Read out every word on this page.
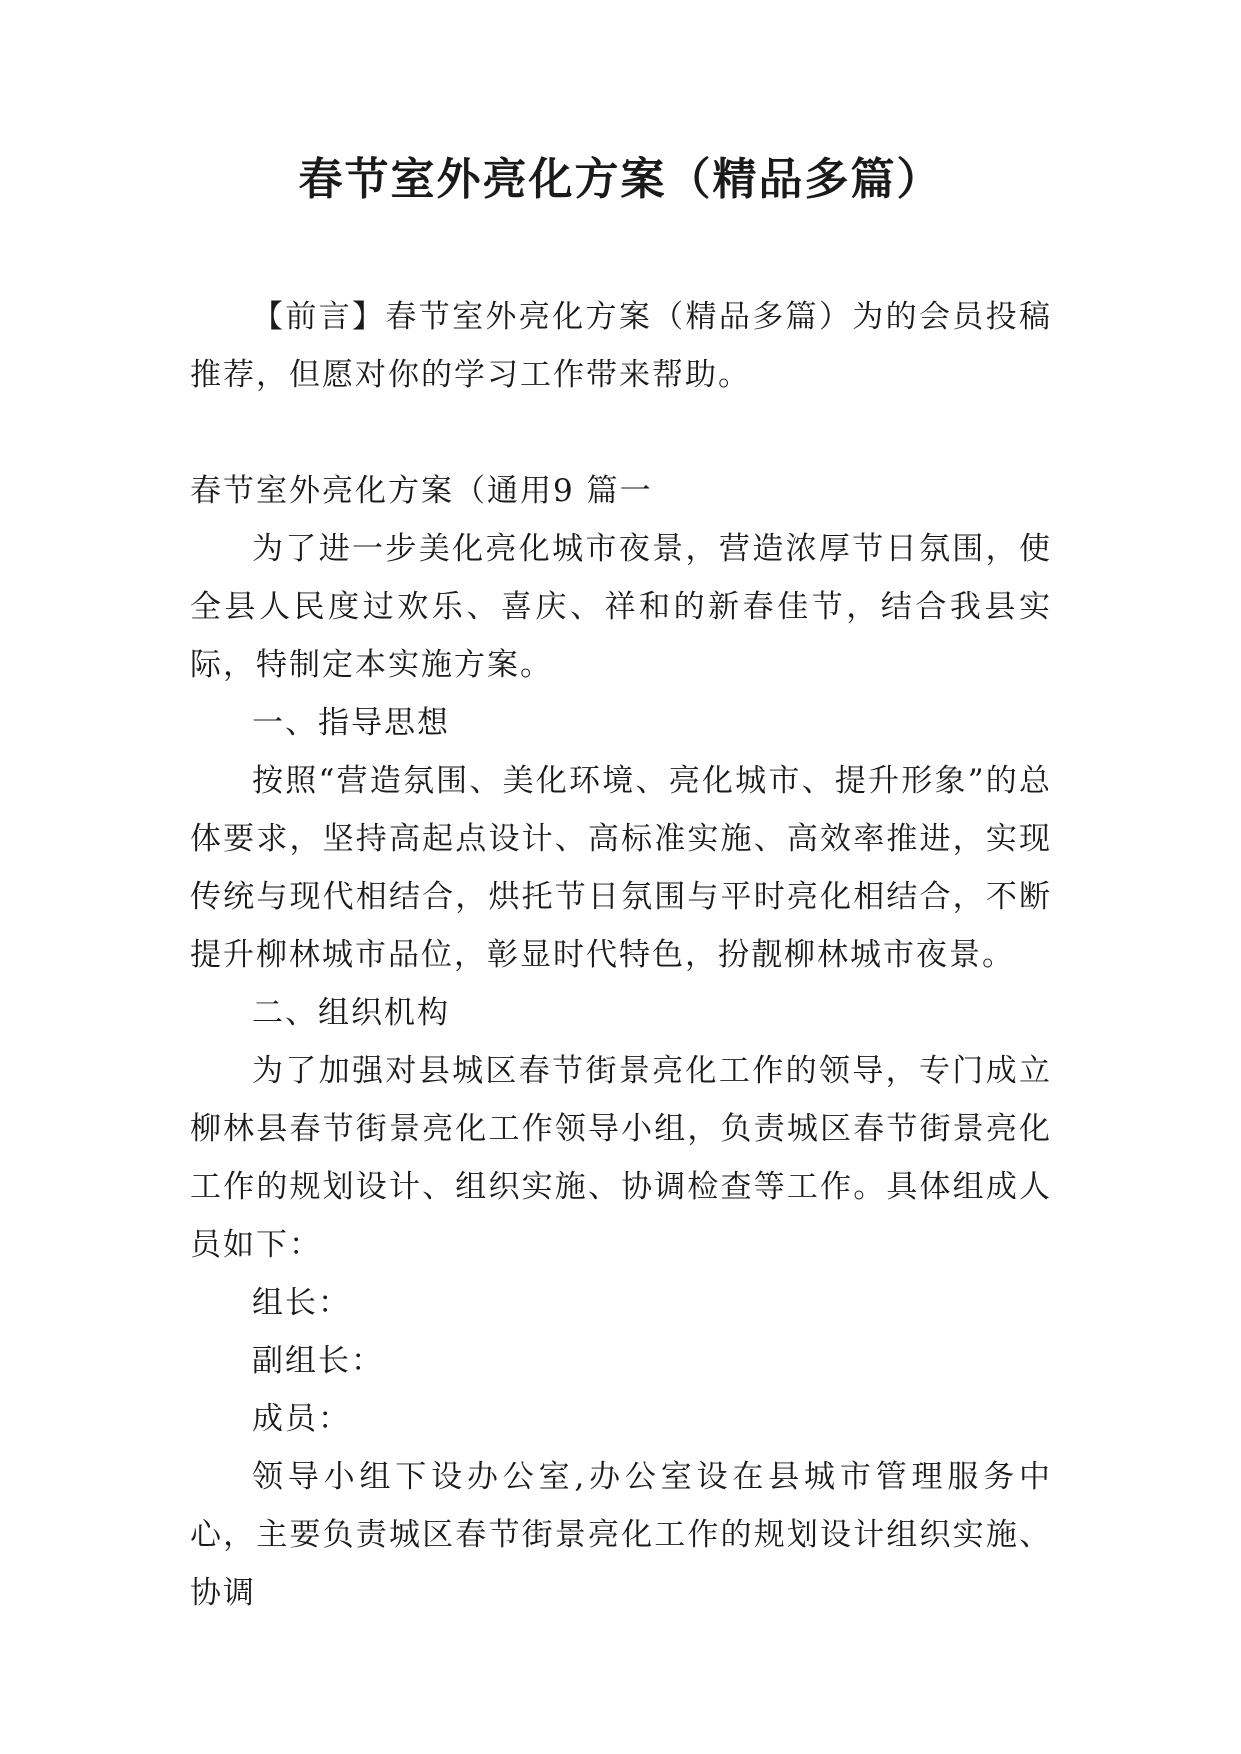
春节室外亮化方案（精品多篇）

【前言】春节室外亮化方案（精品多篇）为的会员投稿推荐，但愿对你的学习工作带来帮助。

春节室外亮化方案（通用9 篇一

为了进一步美化亮化城市夜景，营造浓厚节日氛围，使全县人民度过欢乐、喜庆、祥和的新春佳节，结合我县实际，特制定本实施方案。

一、指导思想

按照“营造氛围、美化环境、亮化城市、提升形象”的总体要求，坚持高起点设计、高标准实施、高效率推进，实现传统与现代相结合，烘托节日氛围与平时亮化相结合，不断提升柳林城市品位，彰显时代特色，扮靓柳林城市夜景。

二、组织机构

为了加强对县城区春节街景亮化工作的领导，专门成立柳林县春节街景亮化工作领导小组，负责城区春节街景亮化工作的规划设计、组织实施、协调检查等工作。具体组成人员如下：

组长：

副组长：

成员：

领导小组下设办公室,办公室设在县城市管理服务中心，主要负责城区春节街景亮化工作的规划设计组织实施、协调
